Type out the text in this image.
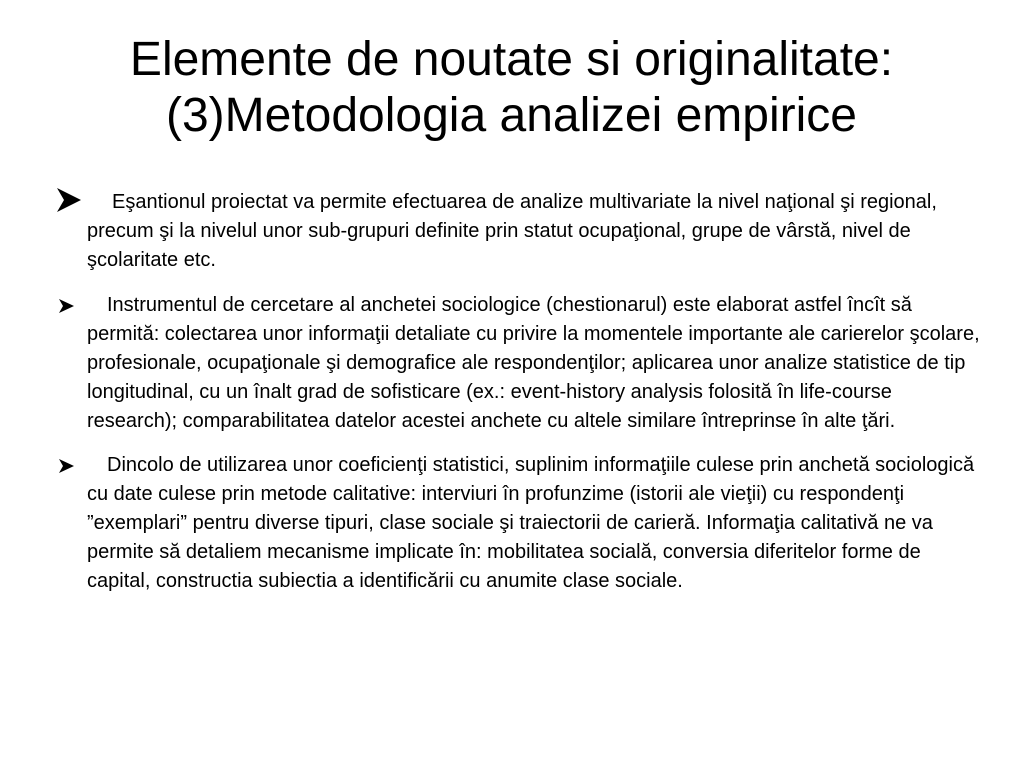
Elemente de noutate si originalitate:
(3)Metodologia analizei empirice
Eşantionul proiectat va permite efectuarea de analize multivariate la nivel naţional şi regional, precum şi la nivelul unor sub-grupuri definite prin statut ocupaţional, grupe de vârstă, nivel de şcolaritate etc.
Instrumentul de cercetare al anchetei sociologice (chestionarul) este elaborat astfel încît să permită: colectarea unor informaţii detaliate cu privire la momentele importante ale carierelor şcolare, profesionale, ocupaţionale şi demografice ale respondenţilor; aplicarea unor analize statistice de tip longitudinal, cu un înalt grad de sofisticare (ex.: event-history analysis folosită în life-course research); comparabilitatea datelor acestei anchete cu altele similare întreprinse în alte ţări.
Dincolo de utilizarea unor coeficienţi statistici, suplinim informaţiile culese prin anchetă sociologică cu date culese prin metode calitative: interviuri în profunzime (istorii ale vieţii) cu respondenţi ”exemplari” pentru diverse tipuri, clase sociale şi traiectorii de carieră. Informaţia calitativă ne va permite să detaliem mecanisme implicate în: mobilitatea socială, conversia diferitelor forme de capital, constructia subiectia a identificării cu anumite clase sociale.
